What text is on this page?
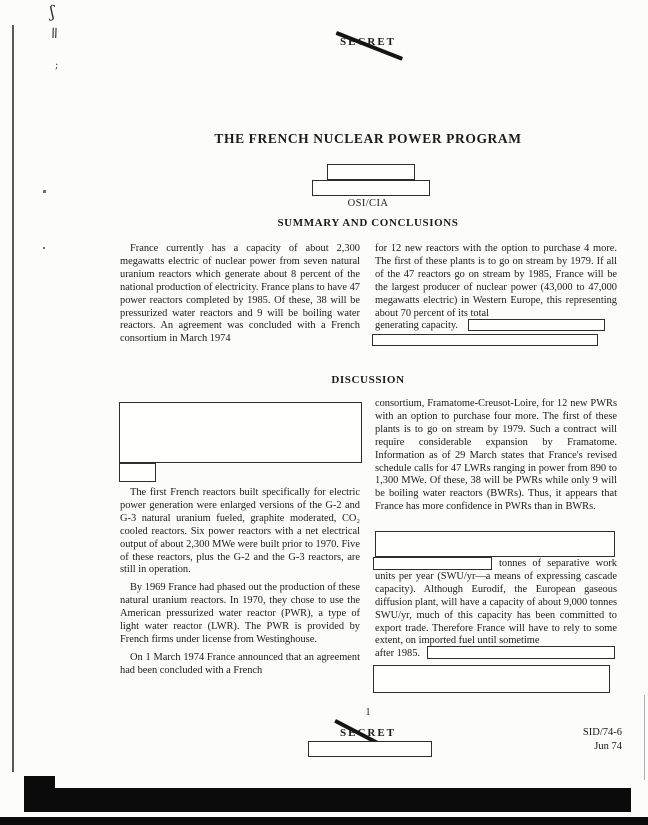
ʃ
ǁ
;
SECRET
THE FRENCH NUCLEAR POWER PROGRAM
OSI/CIA
SUMMARY AND CONCLUSIONS
France currently has a capacity of about 2,300 megawatts electric of nuclear power from seven natural uranium reactors which generate about 8 percent of the national production of electricity. France plans to have 47 power reactors completed by 1985. Of these, 38 will be pressurized water reactors and 9 will be boiling water reactors. An agreement was concluded with a French consortium in March 1974
for 12 new reactors with the option to purchase 4 more. The first of these plants is to go on stream by 1979. If all of the 47 reactors go on stream by 1985, France will be the largest producer of nuclear power (43,000 to 47,000 megawatts electric) in Western Europe, this representing about 70 percent of its total
generating capacity.
DISCUSSION

The first French reactors built specifically for electric power generation were enlarged versions of the G-2 and G-3 natural uranium fueled, graphite moderated, CO₂ cooled reactors. Six power reactors with a net electrical output of about 2,300 MWe were built prior to 1970. Five of these reactors, plus the G-2 and the G-3 reactors, are still in operation.

By 1969 France had phased out the production of these natural uranium reactors. In 1970, they chose to use the American pressurized water reactor (PWR), a type of light water reactor (LWR). The PWR is provided by French firms under license from Westinghouse.

On 1 March 1974 France announced that an agreement had been concluded with a French

consortium, Framatome-Creusot-Loire, for 12 new PWRs with an option to purchase four more. The first of these plants is to go on stream by 1979. Such a contract will require considerable expansion by Framatome. Information as of 29 March states that France's revised schedule calls for 47 LWRs ranging in power from 890 to 1,300 MWe. Of these, 38 will be PWRs while only 9 will be boiling water reactors (BWRs). Thus, it appears that France has more confidence in PWRs than in BWRs.
tonnes of separative work units per year (SWU/yr—a means of expressing cascade capacity). Although Eurodif, the European gaseous diffusion plant, will have a capacity of about 9,000 tonnes SWU/yr, much of this capacity has been committed to export trade. Therefore France will have to rely to some extent, on imported fuel until sometime
after 1985.
1
SECRET	SID/74-6
Jun 74
